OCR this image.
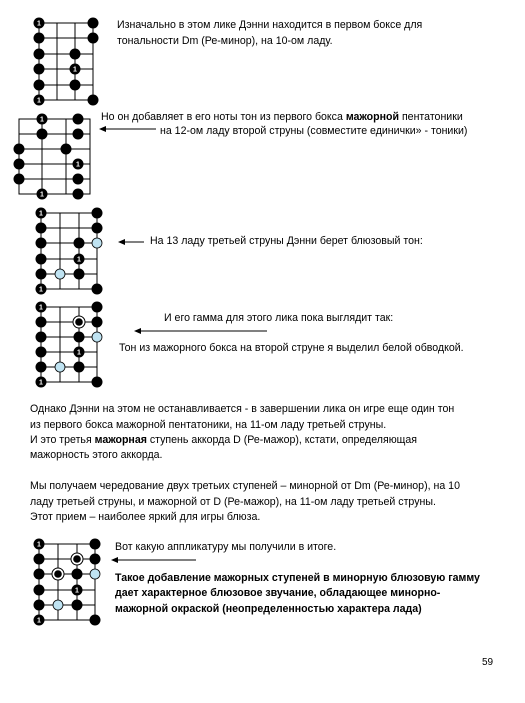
1
1
1
Изначально в этом лике Дэнни находится в первом боксе для
тональности Dm (Ре-минор), на 10-ом ладу.
1
1
1
Но он добавляет в его ноты тон из первого бокса мажорной пентатоники
на 12-ом ладу второй струны (совместите единички» - тоники)
1
1
1
На 13 ладу третьей струны Дэнни берет блюзовый тон:
1
1
1
И его гамма для этого лика пока выглядит так:
Тон из мажорного бокса на второй струне я выделил белой обводкой.
Однако Дэнни на этом не останавливается - в завершении лика он игре еще один тон
из первого бокса мажорной пентатоники, на 11-ом ладу третьей струны.
И это третья мажорная ступень аккорда D (Ре-мажор), кстати, определяющая
мажорность этого аккорда.
Мы получаем чередование двух третьих ступеней – минорной от Dm (Ре-минор), на 10
ладу третьей струны, и мажорной от D (Ре-мажор), на 11-ом ладу третьей струны.
Этот прием – наиболее яркий для игры блюза.
1
1
1
Вот какую аппликатуру мы получили в итоге.
Такое добавление мажорных ступеней в минорную блюзовую гамму
дает характерное блюзовое звучание, обладающее минорно-
мажорной окраской (неопределенностью характера лада)
59
